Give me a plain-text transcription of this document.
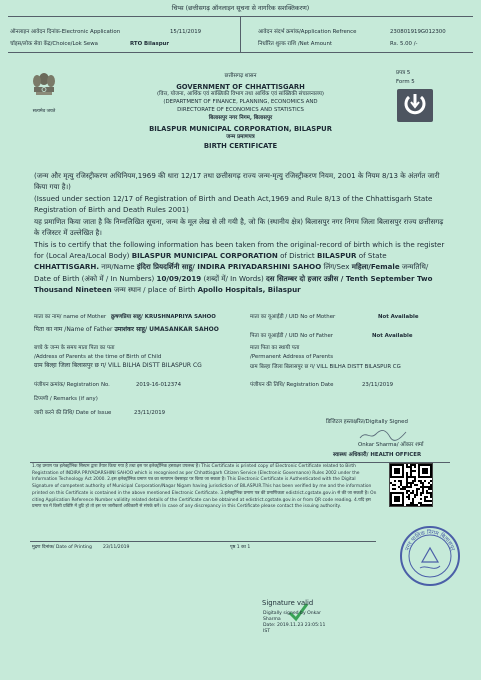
चिप्स (छत्तीसगढ़ ऑनलाइन सूचना से नागरिक सशक्तिकरण)
ऑनलाइन आवेदन दिनांक-Electronic Application	15/11/2019	आवेदन संदर्भ क्रमांक/Application Refrence	230801919G012300
चॉइस/लोक सेवा केंद्र/Choice/Lok Sewa	RTO Bilaspur	निर्धारित शुल्क राशि /Net Amount	Rs. 5.00 /-
सत्यमेव जयते
प्रपत्र 5
Form 5
छत्तीसगढ़ शासन
GOVERNMENT OF CHHATTISGARH
(वित्त, योजना, आर्थिक एवं सांख्यिकी विभाग तथा आर्थिक एवं सांख्यिकी संचालनालय)
(DEPARTMENT OF FINANCE, PLANNING, ECONOMICS AND
DIRECTORATE OF ECONOMICS AND STATISTICS
बिलासपुर नगर निगम, बिलासपुर
BILASPUR MUNICIPAL CORPORATION, BILASPUR
जन्म प्रमाणपत्र
BIRTH CERTIFICATE
(जन्म और मृत्यु रजिस्ट्रीकरण अधिनियम,1969 की धारा 12/17 तथा छत्तीसगढ़ राज्य जन्म-मृत्यु रजिस्ट्रीकरण नियम, 2001 के नियम 8/13 के अंतर्गत जारी किया गया है।)
(Issued under section 12/17 of Registration of Birth and Death Act,1969 and Rule 8/13 of the Chhattisgarh State Registration of Birth and Death Rules 2001)
यह प्रमाणित किया जाता है कि निम्नलिखित सूचना, जन्म के मूल लेख से ली गयी है, जो कि (स्थानीय क्षेत्र) बिलासपुर नगर निगम जिला बिलासपुर राज्य छत्तीसगढ़ के रजिस्टर में उल्लेखित है।
This is to certify that the following information has been taken from the original-record of birth which is the register for (Local Area/Local Body) BILASPUR MUNICIPAL CORPORATION of District BILASPUR of State CHHATTISGARH. नाम/Name इंदिरा प्रियदर्शिनी साहू/ INDIRA PRIYADARSHINI SAHOO लिंग/Sex महिला/Female जन्मतिथि/ Date of Birth (अंको में / In Numbers) 10/09/2019 (शब्दों में/ In Words) दस सितम्बर दो हजार उन्नीस / Tenth September Two Thousand Nineteen जन्म स्थान / place of Birth Apollo Hospitals, Bilaspur
माता का नाम/ name of Mother क्रुषणप्रिया साहू/ KRUSHNAPRIYA SAHOO	माता का यूआईडी / UID No of Mother	Not Available
पिता का नाम /Name of Father उमाशंकर साहू/ UMASANKAR SAHOO
पिता का यूआईडी / UID No of Father	Not Available
बच्चे के जन्म के समय माता पिता का पता
/Address of Parents at the time of Birth of Child
ग्राम बिल्हा जिला बिलासपुर छ ग/ VILL BILHA DISTT BILASPUR CG
माता पिता का स्थायी पता
/Permanent Address of Parents
ग्राम बिल्हा जिला बिलासपुर छ ग/ VILL BILHA DISTT BILASPUR CG
पंजीयन क्रमांक/ Registration No.	2019-16-012374	पंजीयन की तिथि/ Registration Date	23/11/2019
टिप्पणी / Remarks (if any)
जारी करने की तिथि/ Date of Issue	23/11/2019
डिजिटल हस्ताक्षरित/Digitally Signed
Onkar Sharma/ ओंकार शर्मा
स्वास्थ्य अधिकारी/ HEALTH OFFICER
1.यह प्रमाण पत्र इलेक्ट्रॉनिक सिस्टम द्वारा तैयार किया गया है तथा इस पर इलेक्ट्रॉनिक हस्ताक्षर उपलब्ध है। This Certificate is printed copy of Electronic Certificate related to Birth Registration of INDIRA PRIYADARSHINI SAHOO which is recognised as per Chhattisgarh Citizen Service (Electronic Governance) Rules 2002 under the Information Technology Act 2000. 2.इस इलेक्ट्रॉनिक प्रमाण पत्र का सत्यापन वेबसाइट पर किया जा सकता है। This Electronic Certificate is Authenticated with the Digital Signature of competent authority of Municipal Corporation/Nagar Nigam having jurisdiction of BILASPUR.This has been verified by me and the information printed on this Certificate is contained in the above mentioned Electronic Certificate. 3.इलेक्ट्रॉनिक प्रमाण पत्र की प्रमाणिकता edistrict.cgstate.gov.in से की जा सकती है। On citing Application Reference Number validity related details of the Certificate can be obtained at edistrict.cgstate.gov.in or from QR code reading. 4.यदि इस प्रमाण पत्र में किसी प्रविष्टि में त्रुटि हो तो इस पर जारीकर्ता अधिकारी से संपर्क करें। In case of any discrepancy in this Certificate please contact the issuing authority.
मुद्रण दिनांक/ Date of Printing 23/11/2019	पृष्ठ 1 का 1	नगर पालिक निगम बिलासपुर
Signature valid
Digitally signed by Onkar
Sharma
Date: 2019.11.23 23:05:11
IST
